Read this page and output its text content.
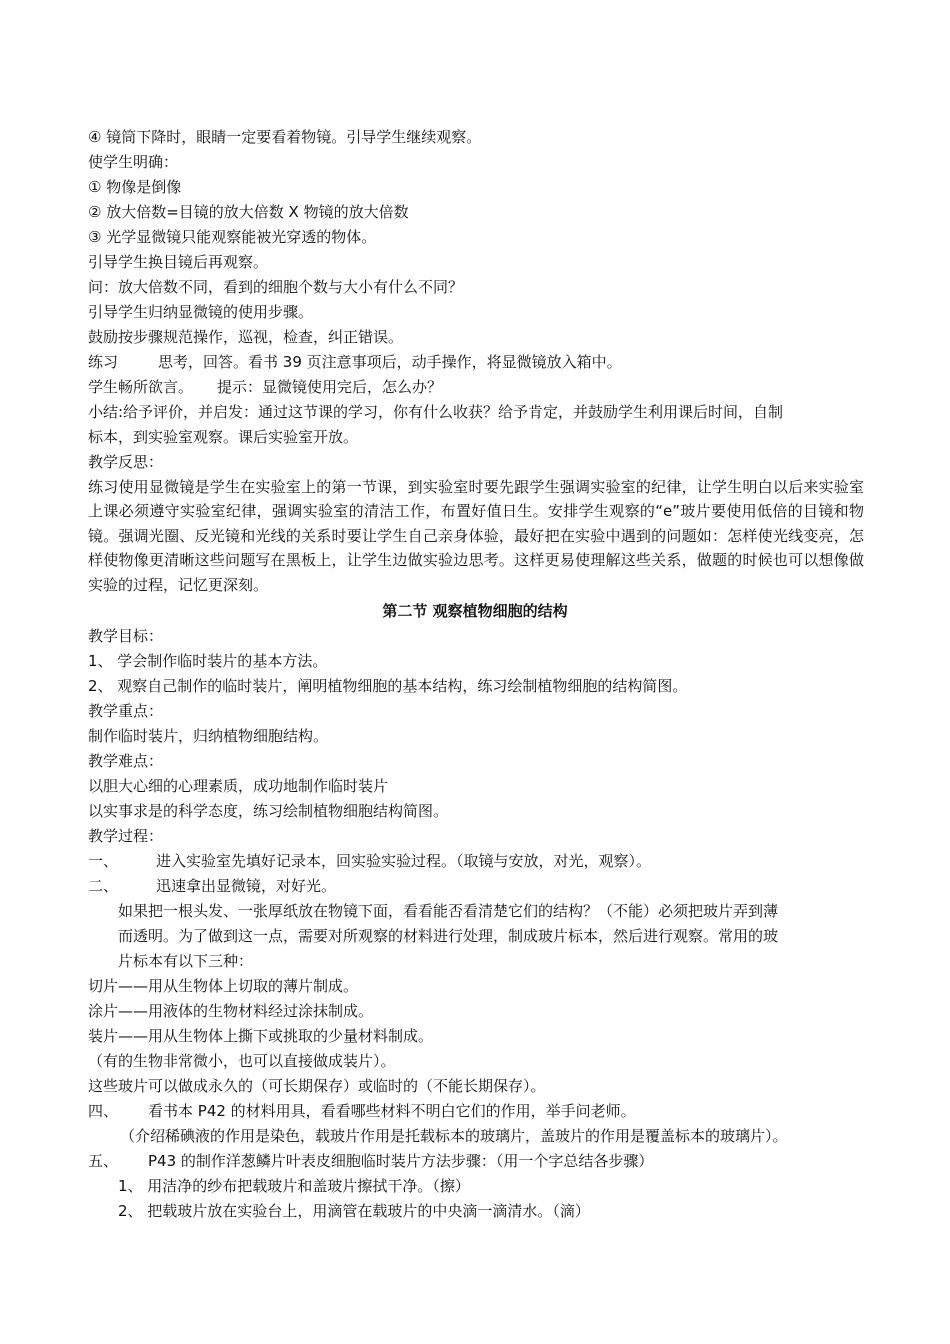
④ 镜筒下降时，眼睛一定要看着物镜。引导学生继续观察。
使学生明确：
① 物像是倒像
② 放大倍数=目镜的放大倍数 X 物镜的放大倍数
③ 光学显微镜只能观察能被光穿透的物体。
引导学生换目镜后再观察。
问：放大倍数不同，看到的细胞个数与大小有什么不同？
引导学生归纳显微镜的使用步骤。
鼓励按步骤规范操作，巡视，检查，纠正错误。
练习	思考，回答。看书 39 页注意事项后，动手操作，将显微镜放入箱中。
学生畅所欲言。 提示：显微镜使用完后，怎么办？
小结:给予评价，并启发：通过这节课的学习，你有什么收获？给予肯定，并鼓励学生利用课后时间，自制
标本，到实验室观察。课后实验室开放。
教学反思：
练习使用显微镜是学生在实验室上的第一节课，到实验室时要先跟学生强调实验室的纪律，让学生明白以后来实验室上课必须遵守实验室纪律，强调实验室的清洁工作，布置好值日生。安排学生观察的“e”玻片要使用低倍的目镜和物镜。强调光圈、反光镜和光线的关系时要让学生自己亲身体验，最好把在实验中遇到的问题如：怎样使光线变亮，怎样使物像更清晰这些问题写在黑板上，让学生边做实验边思考。这样更易使理解这些关系，做题的时候也可以想像做实验的过程，记忆更深刻。
第二节 观察植物细胞的结构
教学目标：
1、 学会制作临时装片的基本方法。
2、 观察自己制作的临时装片，阐明植物细胞的基本结构，练习绘制植物细胞的结构简图。
教学重点：
制作临时装片，归纳植物细胞结构。
教学难点：
以胆大心细的心理素质，成功地制作临时装片
以实事求是的科学态度，练习绘制植物细胞结构简图。
教学过程：
一、	进入实验室先填好记录本，回实验实验过程。（取镜与安放，对光，观察）。
二、	迅速拿出显微镜，对好光。
如果把一根头发、一张厚纸放在物镜下面，看看能否看清楚它们的结构？（不能）必须把玻片弄到薄
而透明。为了做到这一点，需要对所观察的材料进行处理，制成玻片标本，然后进行观察。常用的玻
片标本有以下三种：
切片——用从生物体上切取的薄片制成。
涂片——用液体的生物材料经过涂抹制成。
装片——用从生物体上撕下或挑取的少量材料制成。
（有的生物非常微小，也可以直接做成装片）。
这些玻片可以做成永久的（可长期保存）或临时的（不能长期保存）。
四、 看书本 P42 的材料用具，看看哪些材料不明白它们的作用，举手问老师。
（介绍稀碘液的作用是染色，载玻片作用是托载标本的玻璃片，盖玻片的作用是覆盖标本的玻璃片）。
五、 P43 的制作洋葱鳞片叶表皮细胞临时装片方法步骤：（用一个字总结各步骤）
1、 用洁净的纱布把载玻片和盖玻片擦拭干净。（擦）
2、 把载玻片放在实验台上，用滴管在载玻片的中央滴一滴清水。（滴）
